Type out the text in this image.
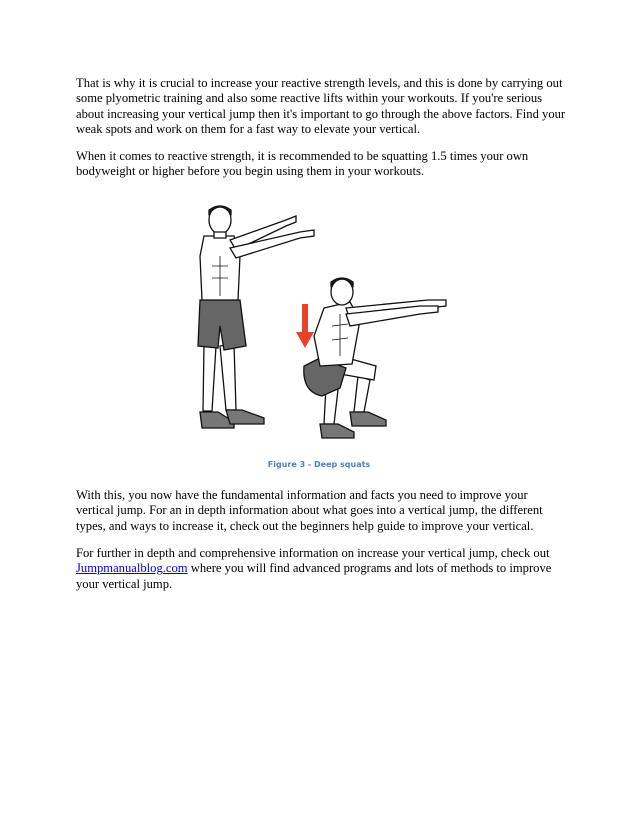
That is why it is crucial to increase your reactive strength levels, and this is done by carrying out some plyometric training and also some reactive lifts within your workouts. If you're serious about increasing your vertical jump then it's important to go through the above factors. Find your weak spots and work on them for a fast way to elevate your vertical.

When it comes to reactive strength, it is recommended to be squatting 1.5 times your own bodyweight or higher before you begin using them in your workouts.

Figure 3 - Deep squats

With this, you now have the fundamental information and facts you need to improve your vertical jump. For an in depth information about what goes into a vertical jump, the different types, and ways to increase it, check out the beginners help guide to improve your vertical.

For further in depth and comprehensive information on increase your vertical jump, check out Jumpmanualblog.com where you will find advanced programs and lots of methods to improve your vertical jump.
